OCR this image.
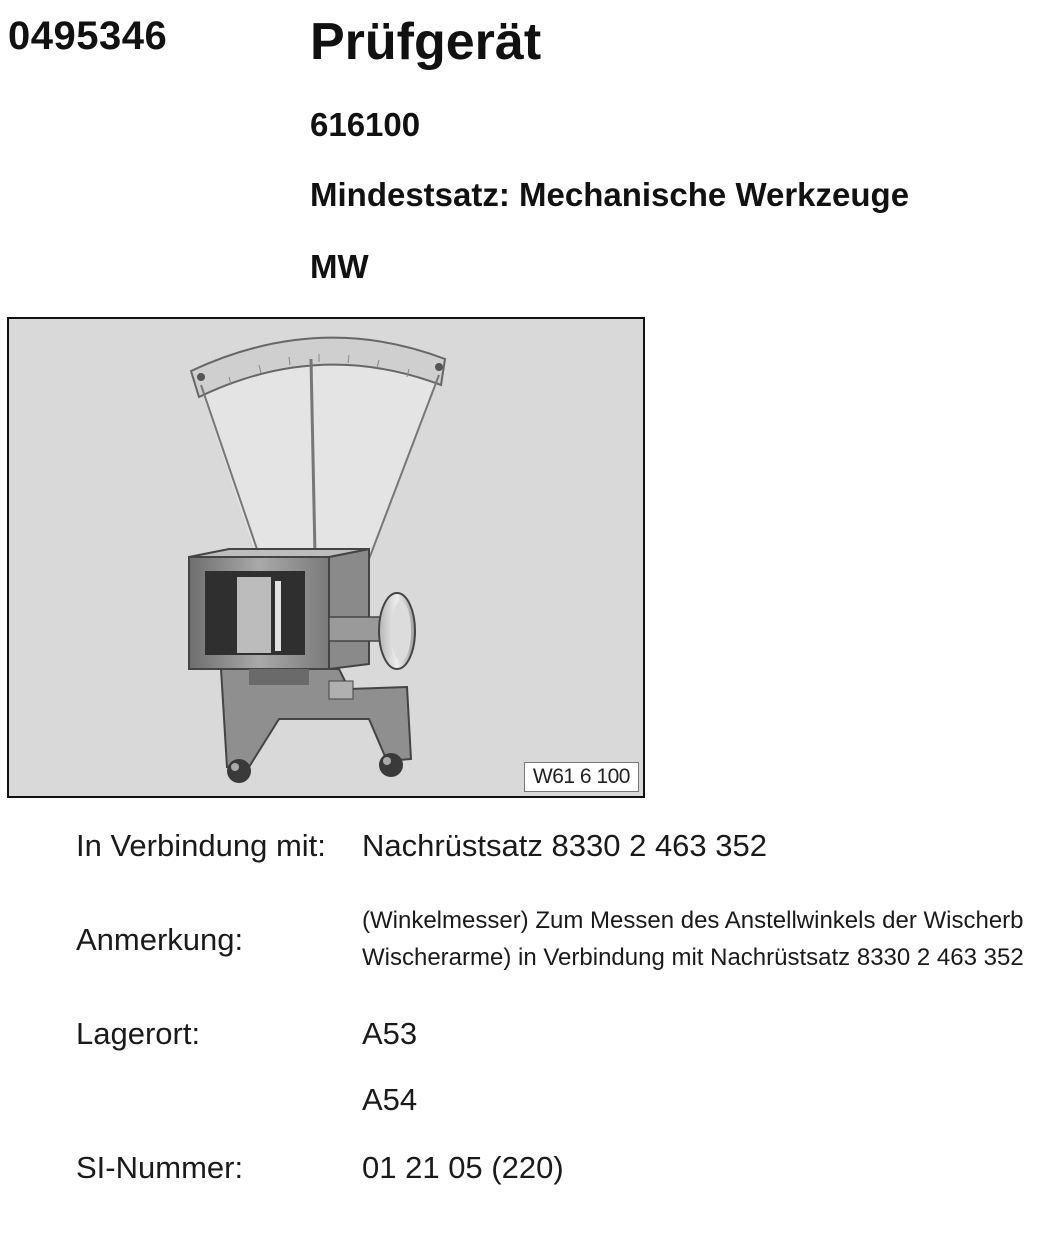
0495346	Prüfgerät
616100
Mindestsatz: Mechanische Werkzeuge
MW
W61 6 100
In Verbindung mit: Nachrüstsatz 8330 2 463 352
Anmerkung:
(Winkelmesser) Zum Messen des Anstellwinkels der Wischerb
Wischerarme) in Verbindung mit Nachrüstsatz 8330 2 463 352
Lagerort:	A53
A54
SI-Nummer:	01 21 05 (220)
